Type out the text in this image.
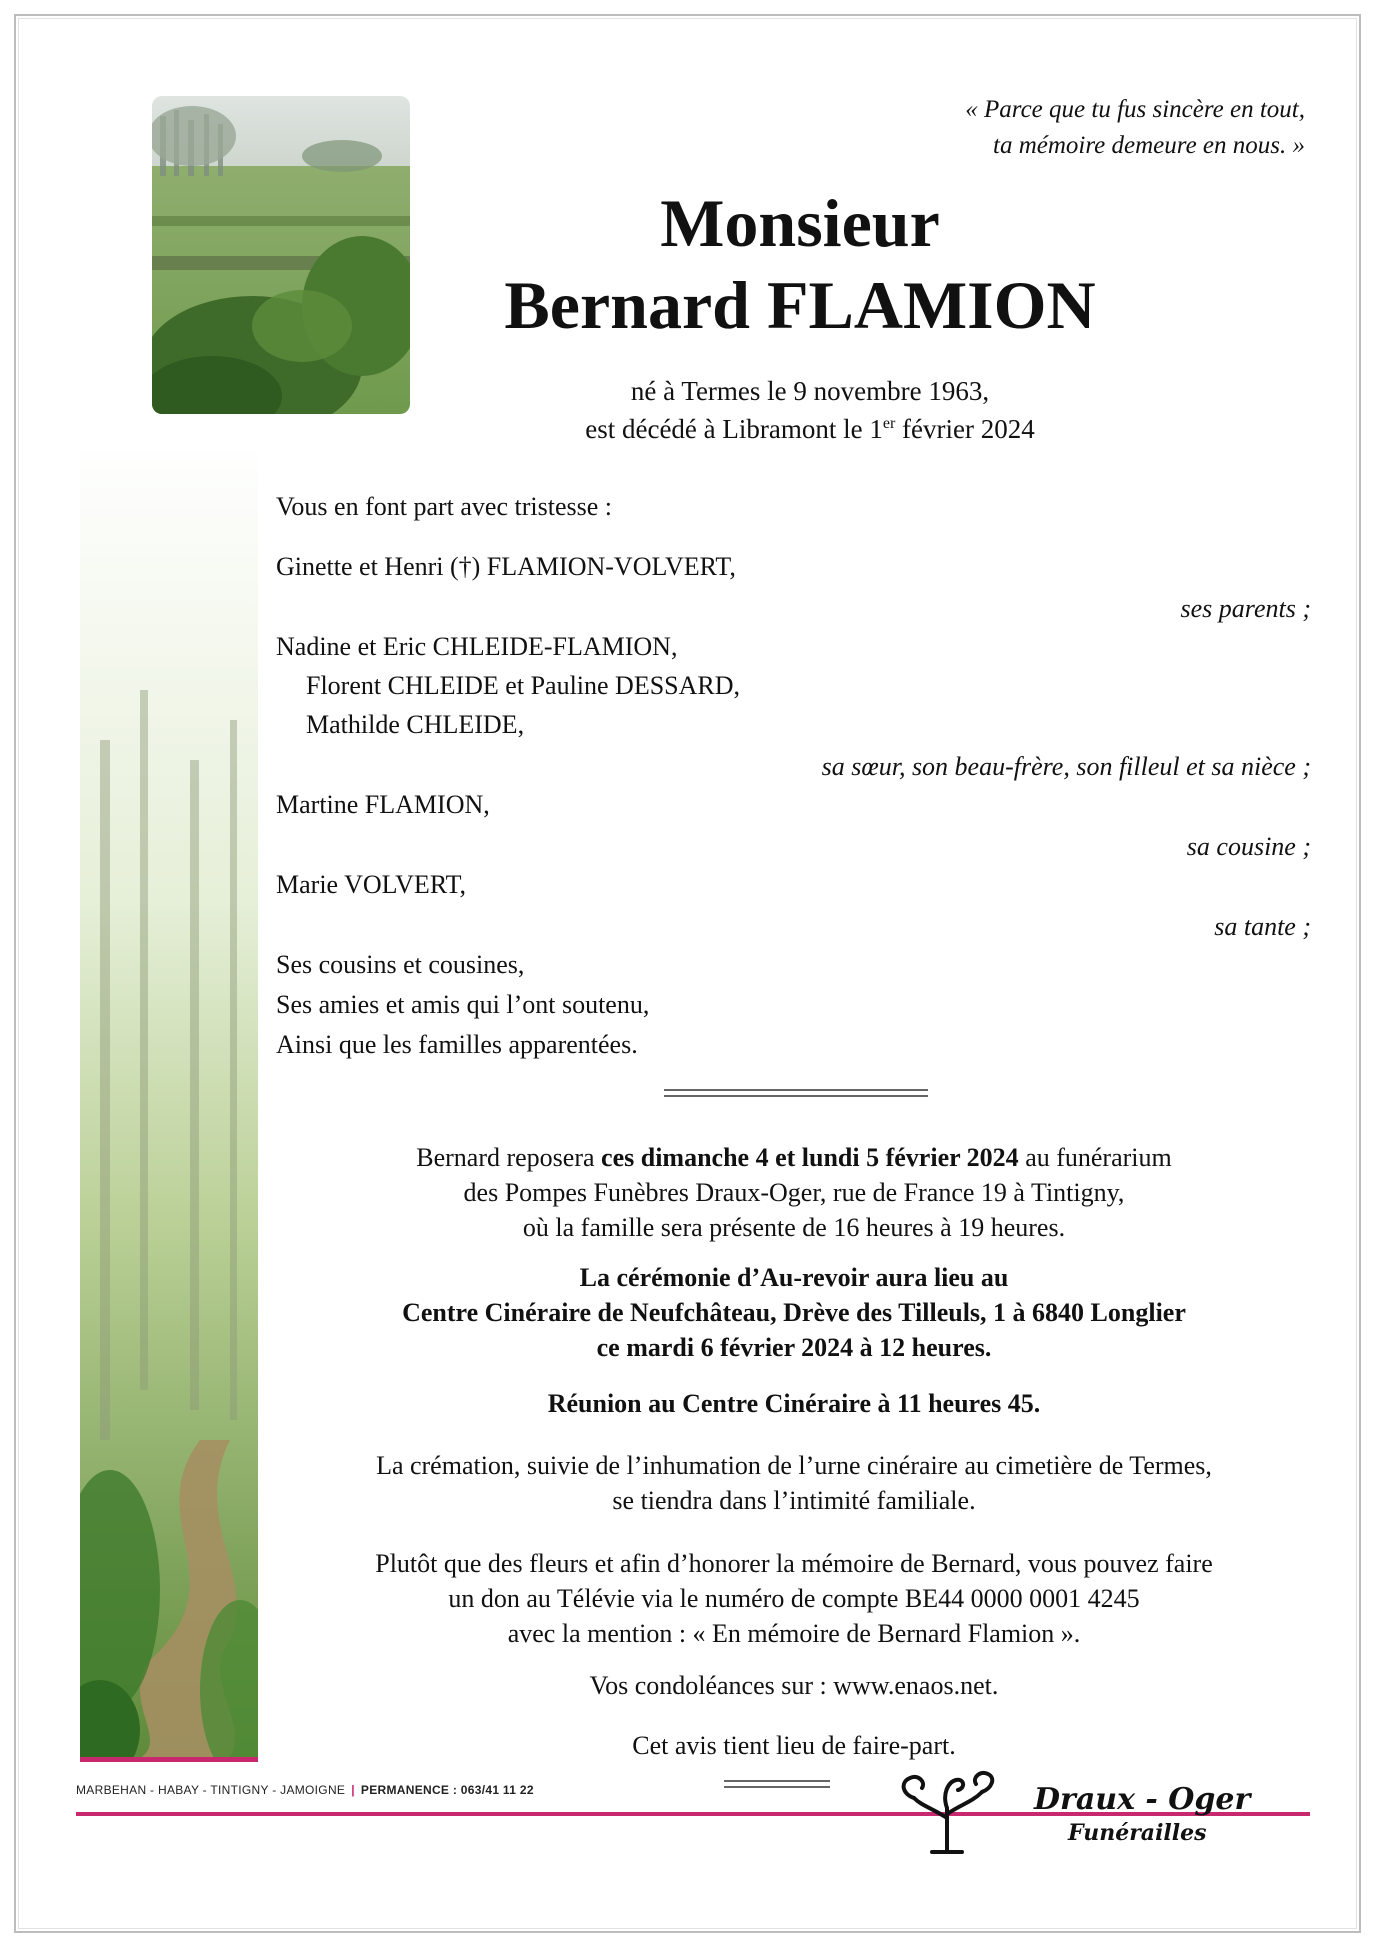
« Parce que tu fus sincère en tout,
ta mémoire demeure en nous. »
Monsieur
Bernard FLAMION
né à Termes le 9 novembre 1963,
est décédé à Libramont le 1er février 2024
Vous en font part avec tristesse :
Ginette et Henri (†) FLAMION-VOLVERT,
ses parents ;
Nadine et Eric CHLEIDE-FLAMION,
Florent CHLEIDE et Pauline DESSARD,
Mathilde CHLEIDE,
sa sœur, son beau-frère, son filleul et sa nièce ;
Martine FLAMION,
sa cousine ;
Marie VOLVERT,
sa tante ;
Ses cousins et cousines,
Ses amies et amis qui l’ont soutenu,
Ainsi que les familles apparentées.
Bernard reposera ces dimanche 4 et lundi 5 février 2024 au funérarium
des Pompes Funèbres Draux-Oger, rue de France 19 à Tintigny,
où la famille sera présente de 16 heures à 19 heures.
La cérémonie d’Au-revoir aura lieu au
Centre Cinéraire de Neufchâteau, Drève des Tilleuls, 1 à 6840 Longlier
ce mardi 6 février 2024 à 12 heures.
Réunion au Centre Cinéraire à 11 heures 45.
La crémation, suivie de l’inhumation de l’urne cinéraire au cimetière de Termes,
se tiendra dans l’intimité familiale.
Plutôt que des fleurs et afin d’honorer la mémoire de Bernard, vous pouvez faire
un don au Télévie via le numéro de compte BE44 0000 0001 4245
avec la mention : « En mémoire de Bernard Flamion ».
Vos condoléances sur : www.enaos.net.
Cet avis tient lieu de faire-part.
MARBEHAN - HABAY - TINTIGNY - JAMOIGNE | PERMANENCE : 063/41 11 22	Draux - Oger
Funérailles
